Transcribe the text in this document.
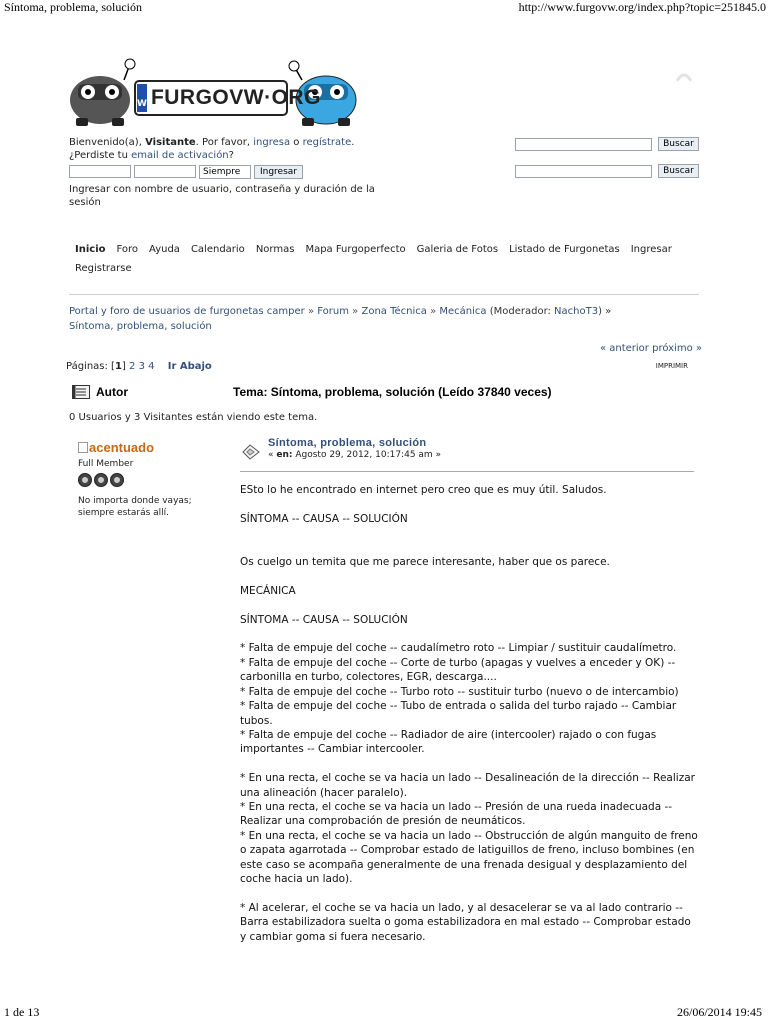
Síntoma, problema, solución	http://www.furgovw.org/index.php?topic=251845.0
1 de 13	26/06/2014 19:45
W FURGOVW·ORG
Bienvenido(a), Visitante. Por favor, ingresa o regístrate.
¿Perdiste tu email de activación?
Siempre	Ingresar
Ingresar con nombre de usuario, contraseña y duración de la sesión
Buscar
Buscar
Inicio Foro Ayuda Calendario Normas Mapa Furgoperfecto Galeria de Fotos Listado de Furgonetas Ingresar
Registrarse
Portal y foro de usuarios de furgonetas camper » Forum » Zona Técnica » Mecánica (Moderador: NachoT3) »
Síntoma, problema, solución
« anterior próximo »
Páginas: [1] 2 3 4 Ir Abajo	IMPRIMIR
Autor	Tema: Síntoma, problema, solución (Leído 37840 veces)
0 Usuarios y 3 Visitantes están viendo este tema.
acentuado
Full Member
No importa donde vayas; siempre estarás allí.
Síntoma, problema, solución
« en: Agosto 29, 2012, 10:17:45 am »
ESto lo he encontrado en internet pero creo que es muy útil. Saludos.

SÍNTOMA -- CAUSA -- SOLUCIÓN

Os cuelgo un temita que me parece interesante, haber que os parece.

MECÁNICA

SÍNTOMA -- CAUSA -- SOLUCIÓN

* Falta de empuje del coche -- caudalímetro roto -- Limpiar / sustituir caudalímetro.
* Falta de empuje del coche -- Corte de turbo (apagas y vuelves a enceder y OK) -- carbonilla en turbo, colectores, EGR, descarga....
* Falta de empuje del coche -- Turbo roto -- sustituir turbo (nuevo o de intercambio)
* Falta de empuje del coche -- Tubo de entrada o salida del turbo rajado -- Cambiar tubos.
* Falta de empuje del coche -- Radiador de aire (intercooler) rajado o con fugas importantes -- Cambiar intercooler.

* En una recta, el coche se va hacia un lado -- Desalineación de la dirección -- Realizar una alineación (hacer paralelo).
* En una recta, el coche se va hacia un lado -- Presión de una rueda inadecuada -- Realizar una comprobación de presión de neumáticos.
* En una recta, el coche se va hacia un lado -- Obstrucción de algún manguito de freno o zapata agarrotada -- Comprobar estado de latiguillos de freno, incluso bombines (en este caso se acompaña generalmente de una frenada desigual y desplazamiento del coche hacia un lado).

* Al acelerar, el coche se va hacia un lado, y al desacelerar se va al lado contrario -- Barra estabilizadora suelta o goma estabilizadora en mal estado -- Comprobar estado y cambiar goma si fuera necesario.
